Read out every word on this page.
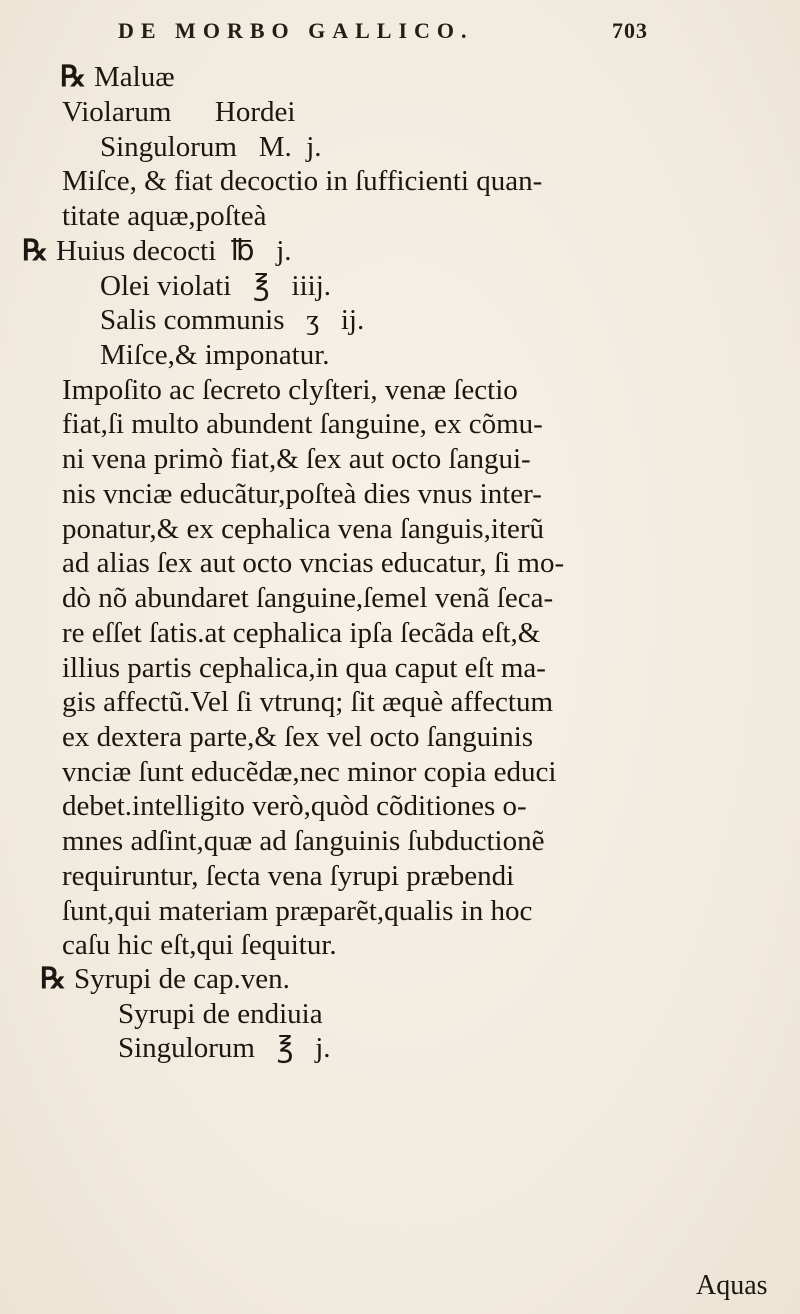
DE MORBO GALLICO.	703
℞ Maluæ
Violarum      Hordei
Singulorum   M.  j.
Miſce, & fiat decoctio in ſufficienti quan-
titate aquæ,poſteà
℞ Huius decocti  ℔   j.
Olei violati   ℥   iiij.
Salis communis   ʒ   ij.
Miſce,& imponatur.
Impoſito ac ſecreto clyſteri, venæ ſectio
fiat,ſi multo abundent ſanguine, ex cõmu-
ni vena primò fiat,& ſex aut octo ſangui-
nis vnciæ educãtur,poſteà dies vnus inter-
ponatur,& ex cephalica vena ſanguis,iterũ
ad alias ſex aut octo vncias educatur, ſi mo-
dò nõ abundaret ſanguine,ſemel venã ſeca-
re eſſet ſatis.at cephalica ipſa ſecãda eſt,&
illius partis cephalica,in qua caput eſt ma-
gis affectũ.Vel ſi vtrunq; ſit æquè affectum
ex dextera parte,& ſex vel octo ſanguinis
vnciæ ſunt educẽdæ,nec minor copia educi
debet.intelligito verò,quòd cõditiones o-
mnes adſint,quæ ad ſanguinis ſubductionẽ
requiruntur, ſecta vena ſyrupi præbendi
ſunt,qui materiam præparẽt,qualis in hoc
caſu hic eſt,qui ſequitur.
℞ Syrupi de cap.ven.
Syrupi de endiuia
Singulorum   ℥   j.
Aquas
